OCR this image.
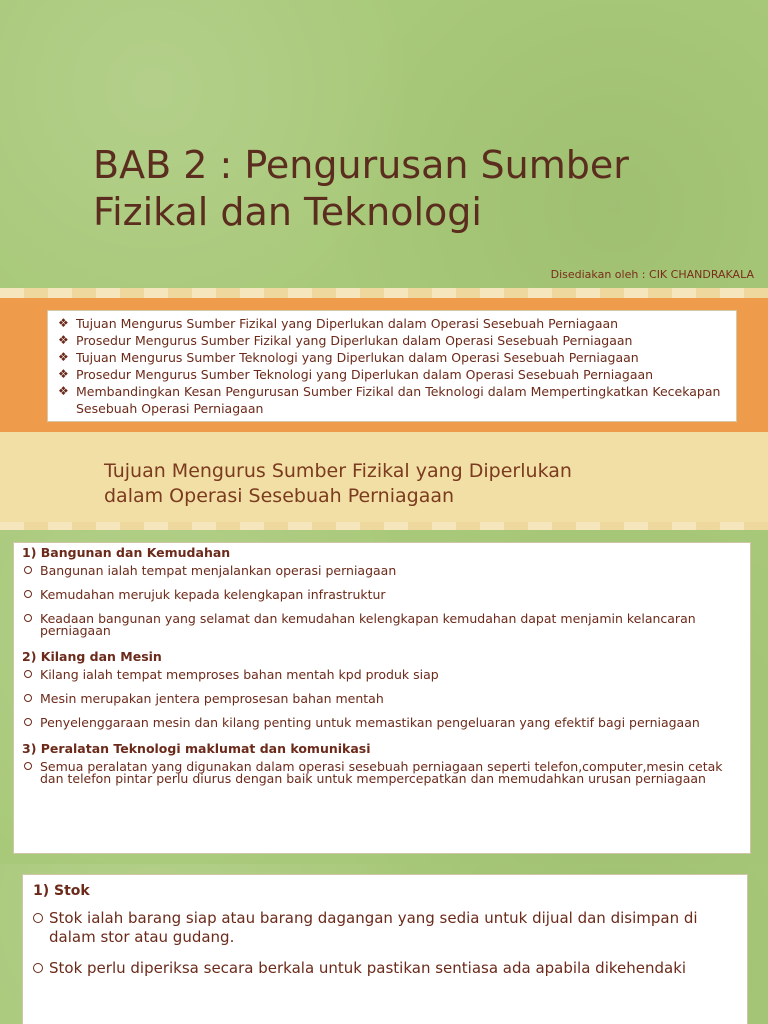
BAB 2 : Pengurusan Sumber
Fizikal dan Teknologi
Disediakan oleh : CIK CHANDRAKALA
❖ Tujuan Mengurus Sumber Fizikal yang Diperlukan dalam Operasi Sesebuah Perniagaan
❖ Prosedur Mengurus Sumber Fizikal yang Diperlukan dalam Operasi Sesebuah Perniagaan
❖ Tujuan Mengurus Sumber Teknologi yang Diperlukan dalam Operasi Sesebuah Perniagaan
❖ Prosedur Mengurus Sumber Teknologi yang Diperlukan dalam Operasi Sesebuah Perniagaan
❖ Membandingkan Kesan Pengurusan Sumber Fizikal dan Teknologi dalam Mempertingkatkan Kecekapan Sesebuah Operasi Perniagaan
Tujuan Mengurus Sumber Fizikal yang Diperlukan
dalam Operasi Sesebuah Perniagaan
1) Bangunan dan Kemudahan
Bangunan ialah tempat menjalankan operasi perniagaan
Kemudahan merujuk kepada kelengkapan infrastruktur
Keadaan bangunan yang selamat dan kemudahan kelengkapan kemudahan dapat menjamin kelancaran perniagaan
2) Kilang dan Mesin
Kilang ialah tempat memproses bahan mentah kpd produk siap
Mesin merupakan jentera pemprosesan bahan mentah
Penyelenggaraan mesin dan kilang penting untuk memastikan pengeluaran yang efektif bagi perniagaan
3) Peralatan Teknologi maklumat dan komunikasi
Semua peralatan yang digunakan dalam operasi sesebuah perniagaan seperti telefon,computer,mesin cetak dan telefon pintar perlu diurus dengan baik untuk mempercepatkan dan memudahkan urusan perniagaan
1) Stok
Stok ialah barang siap atau barang dagangan yang sedia untuk dijual dan disimpan di dalam stor atau gudang.
Stok perlu diperiksa secara berkala untuk pastikan sentiasa ada apabila dikehendaki
